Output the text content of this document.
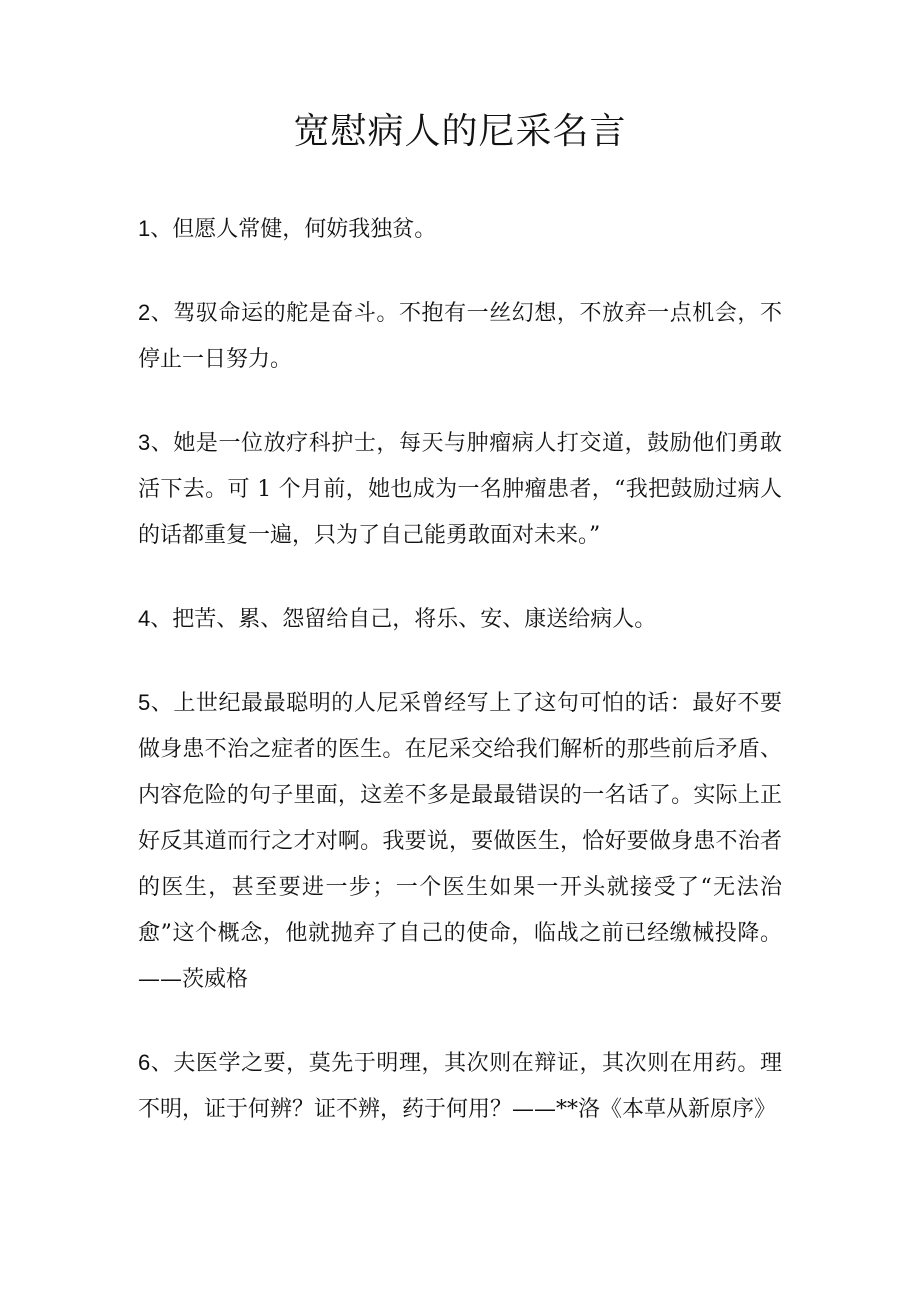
宽慰病人的尼采名言

1、但愿人常健，何妨我独贫。

2、驾驭命运的舵是奋斗。不抱有一丝幻想，不放弃一点机会，不停止一日努力。

3、她是一位放疗科护士，每天与肿瘤病人打交道，鼓励他们勇敢活下去。可 1 个月前，她也成为一名肿瘤患者，“我把鼓励过病人的话都重复一遍，只为了自己能勇敢面对未来。”

4、把苦、累、怨留给自己，将乐、安、康送给病人。

5、上世纪最最聪明的人尼采曾经写上了这句可怕的话：最好不要做身患不治之症者的医生。在尼采交给我们解析的那些前后矛盾、内容危险的句子里面，这差不多是最最错误的一名话了。实际上正好反其道而行之才对啊。我要说，要做医生，恰好要做身患不治者的医生，甚至要进一步；一个医生如果一开头就接受了“无法治愈”这个概念，他就抛弃了自己的使命，临战之前已经缴械投降。——茨威格

6、夫医学之要，莫先于明理，其次则在辩证，其次则在用药。理不明，证于何辨？证不辨，药于何用？——**洛《本草从新原序》
